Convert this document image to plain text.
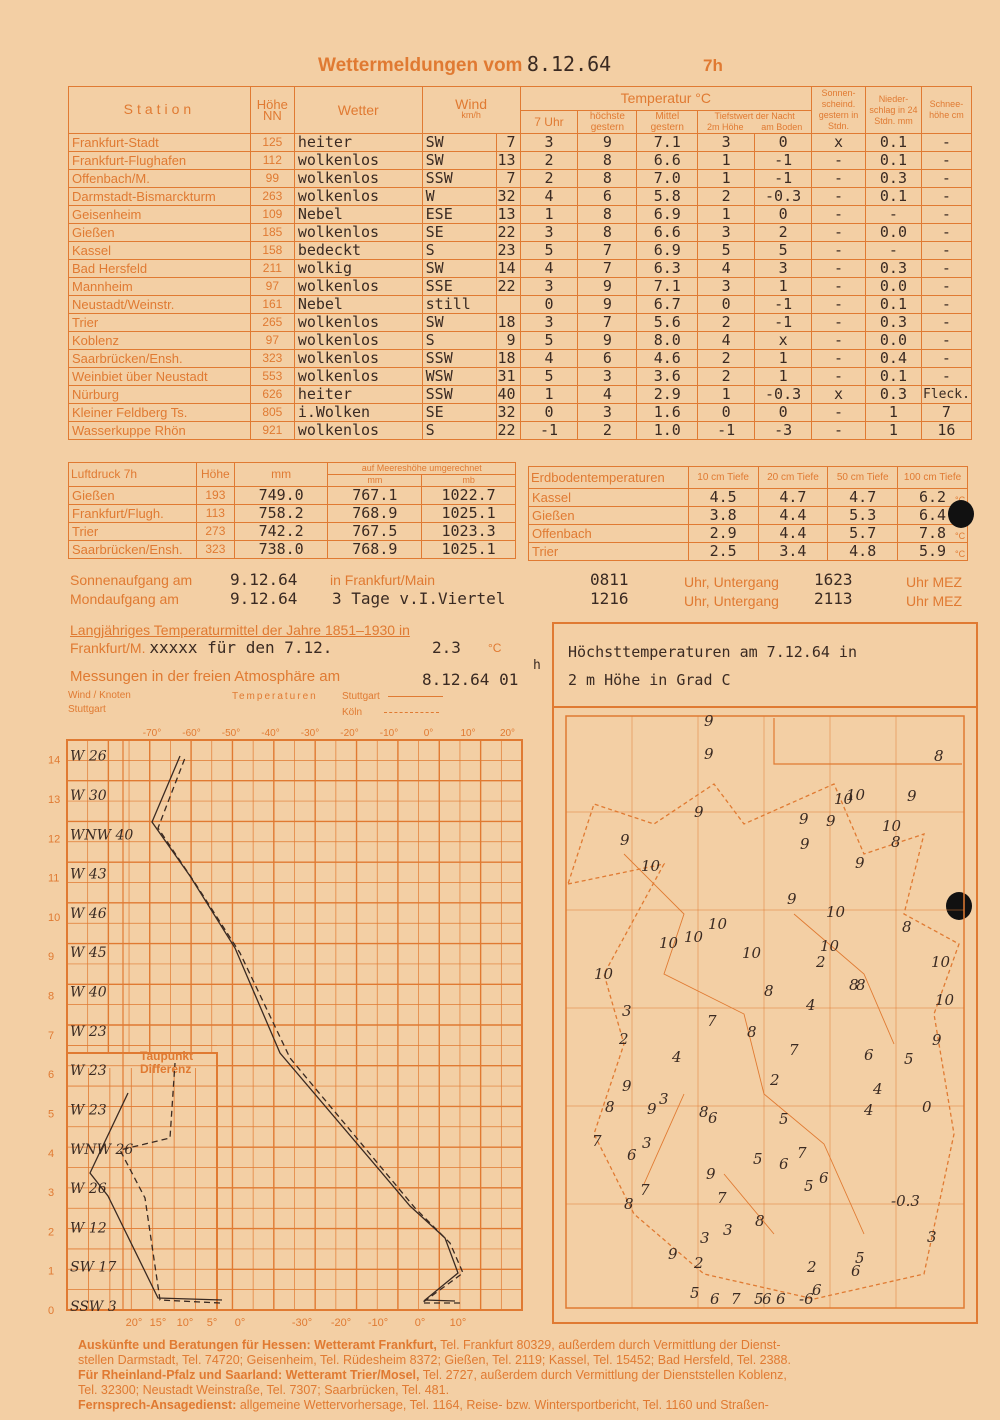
Wettermeldungen vom 8.12.64	7h
Station	Höhe NN	Wetter	Wind
km/h		Temperatur °C					Sonnen-scheind. gestern in Stdn.	Nieder-schlag in 24 Stdn. mm	Schnee-höhe cm
					7 Uhr	höchste gestern	Mittel gestern	Tiefstwert der Nacht
2m Höhe am Boden				

Frankfurt-Stadt	125	heiter	SW	7	3	9	7.1	3	0	x	0.1	-
Frankfurt-Flughafen	112	wolkenlos	SW	13	2	8	6.6	1	-1	-	0.1	-
Offenbach/M.	99	wolkenlos	SSW	7	2	8	7.0	1	-1	-	0.3	-
Darmstadt-Bismarckturm	263	wolkenlos	W	32	4	6	5.8	2	-0.3	-	0.1	-
Geisenheim	109	Nebel	ESE	13	1	8	6.9	1	0	-	-	-
Gießen	185	wolkenlos	SE	22	3	8	6.6	3	2	-	0.0	-
Kassel	158	bedeckt	S	23	5	7	6.9	5	5	-	-	-
Bad Hersfeld	211	wolkig	SW	14	4	7	6.3	4	3	-	0.3	-
Mannheim	97	wolkenlos	SSE	22	3	9	7.1	3	1	-	0.0	-
Neustadt/Weinstr.	161	Nebel	still		0	9	6.7	0	-1	-	0.1	-
Trier	265	wolkenlos	SW	18	3	7	5.6	2	-1	-	0.3	-
Koblenz	97	wolkenlos	S	9	5	9	8.0	4	x	-	0.0	-
Saarbrücken/Ensh.	323	wolkenlos	SSW	18	4	6	4.6	2	1	-	0.4	-
Weinbiet über Neustadt	553	wolkenlos	WSW	31	5	3	3.6	2	1	-	0.1	-
Nürburg	626	heiter	SSW	40	1	4	2.9	1	-0.3	x	0.3	Fleck.
Kleiner Feldberg Ts.	805	i.Wolken	SE	32	0	3	1.6	0	0	-	1	7
Wasserkuppe Rhön	921	wolkenlos	S	22	-1	2	1.0	-1	-3	-	1	16
Luftdruck 7h	Höhe	mm	auf Meereshöhe umgerechnet	
			mm	mb
Gießen	193	749.0	767.1	1022.7
Frankfurt/Flugh.	113	758.2	768.9	1025.1
Trier	273	742.2	767.5	1023.3
Saarbrücken/Ensh.	323	738.0	768.9	1025.1
Erdbodentemperaturen	10 cm Tiefe	20 cm Tiefe	50 cm Tiefe	100 cm Tiefe
Kassel	4.5	4.7	4.7	6.2
Gießen	3.8	4.4	5.3	6.4
Offenbach	2.9	4.4	5.7	7.8
Trier	2.5	3.4	4.8	5.9
°C
°C
Sonnenaufgang am 9.12.64 in Frankfurt/Main	0811	Uhr, Untergang 1623	Uhr MEZ
Mondaufgang am	9.12.64 3 Tage v.I.Viertel	1216	Uhr, Untergang 2113	Uhr MEZ
Langjähriges Temperaturmittel der Jahre 1851–1930 in
Frankfurt/M. xxxxx für den 7.12.	2.3 °C
Messungen in der freien Atmosphäre am	8.12.64 01
h
Wind / Knoten
Stuttgart
Temperaturen Stuttgart
Köln
0
1
2
3
4
5
6
7
8
9
10
11
12
13
14
-70° -60° -50° -40° -30° -20° -10°	0°	10° 20°
20° 15° 10° 5° 0°	-30° -20° -10° 0° 10°
SSW 3
SW 17
W 12
W 26
WNW 26
W 23
W 23
W 23
W 40
W 45
W 46
W 43
WNW 40
W 30
W 26
Taupunkt
Differenz
Höchsttemperaturen am 7.12.64 in
2 m Höhe in Grad C
9
9	8
10	9
9	9 9
10
10
8
9
9
10	9
9
10
10
10	10
8
10
10	2	10
10
8
4
8	10
8
3
7
8	9
2
7	6 5
4
4
2
9
3	0
8	4
9	8 6	5
7	3
6	5 6
7
6
9
7	7
5
8	-0.3
3
8
3 3
9 2	5
6
2
6
5	6
7
6	6 -6
5
Auskünfte und Beratungen für Hessen: Wetteramt Frankfurt, Tel. Frankfurt 80329, außerdem durch Vermittlung der Dienst-
stellen Darmstadt, Tel. 74720; Geisenheim, Tel. Rüdesheim 8372; Gießen, Tel. 2119; Kassel, Tel. 15452; Bad Hersfeld, Tel. 2388.
Für Rheinland-Pfalz und Saarland: Wetteramt Trier/Mosel, Tel. 2727, außerdem durch Vermittlung der Dienststellen Koblenz,
Tel. 32300; Neustadt Weinstraße, Tel. 7307; Saarbrücken, Tel. 481.
Fernsprech-Ansagedienst: allgemeine Wettervorhersage, Tel. 1164, Reise- bzw. Wintersportbericht, Tel. 1160 und Straßen-
